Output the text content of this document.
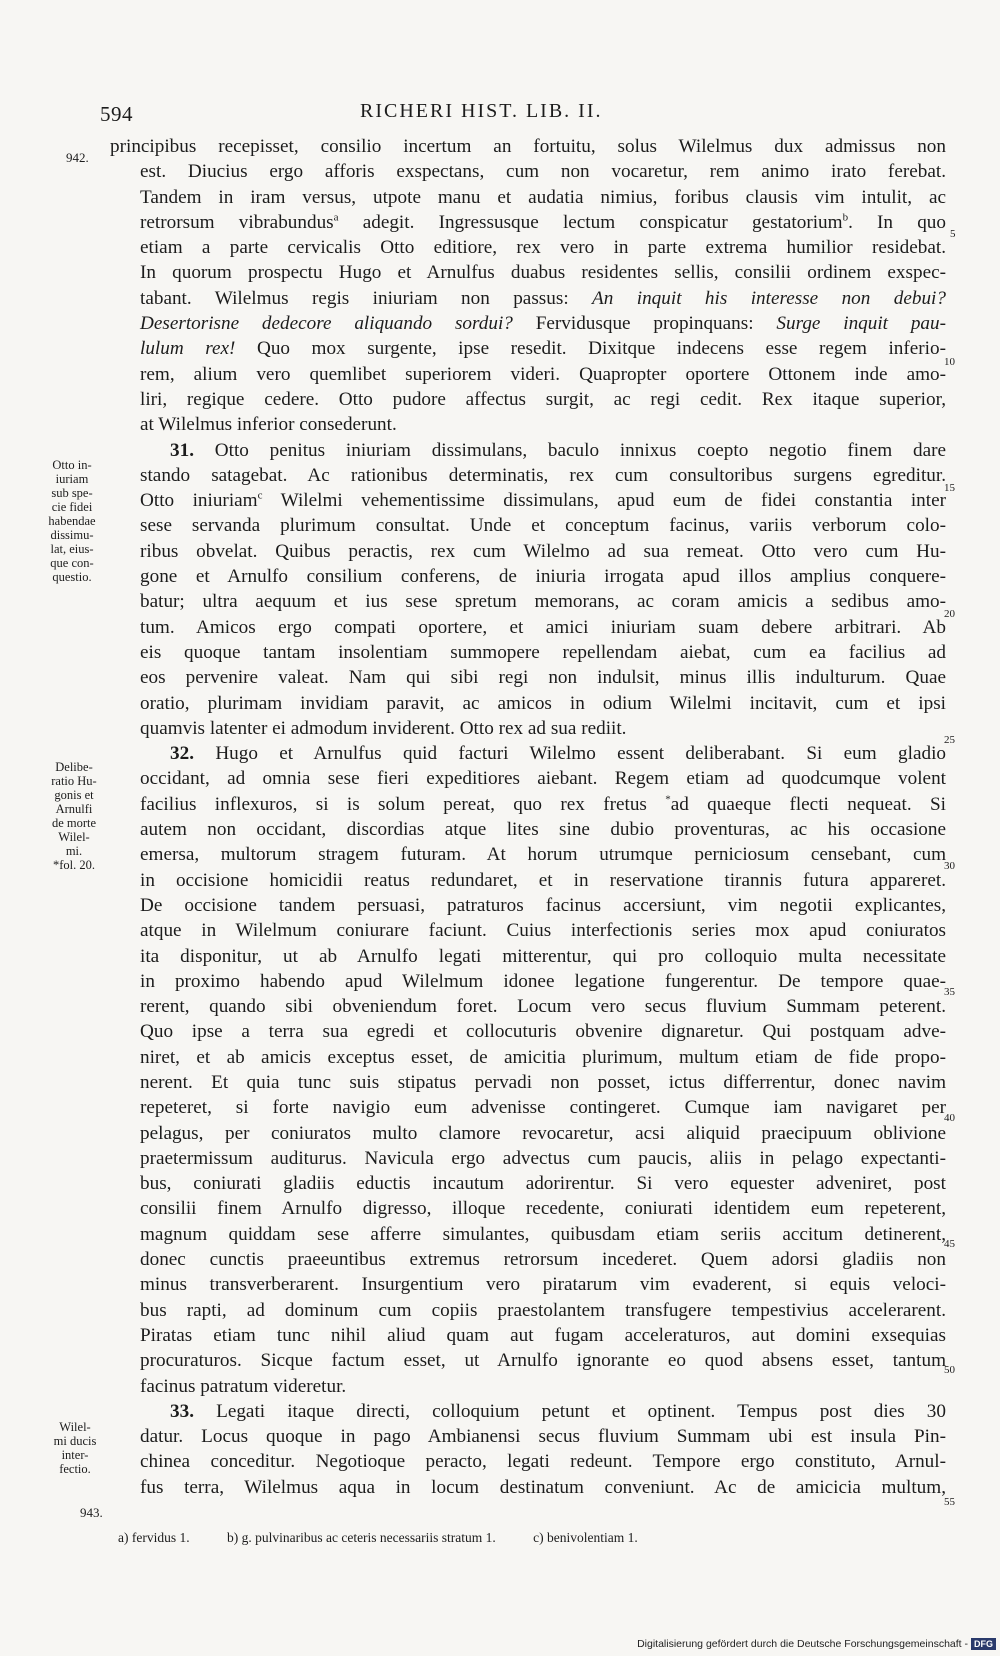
594	RICHERI HIST. LIB. II.
942.
943.
Otto in-
iuriam
sub spe-
cie fidei
habendae
dissimu-
lat, eius-
que con-
questio.
Delibe-
ratio Hu-
gonis et
Arnulfi
de morte
Wilel-
mi.
*fol. 20.
Wilel-
mi ducis
inter-
fectio.
5
10
15
20
25
30
35
40
45
50
55
principibus recepisset, consilio incertum an fortuitu, solus Wilelmus dux admissus non
est. Diucius ergo afforis exspectans, cum non vocaretur, rem animo irato ferebat.
Tandem in iram versus, utpote manu et audatia nimius, foribus clausis vim intulit, ac
retrorsum vibrabundus$^a$ adegit. Ingressusque lectum conspicatur gestatorium$^b$. In quo
etiam a parte cervicalis Otto editiore, rex vero in parte extrema humilior residebat.
In quorum prospectu Hugo et Arnulfus duabus residentes sellis, consilii ordinem exspec-
tabant. Wilelmus regis iniuriam non passus: An inquit his interesse non debui?
Desertorisne dedecore aliquando sordui? Fervidusque propinquans: Surge inquit pau-
lulum rex! Quo mox surgente, ipse resedit. Dixitque indecens esse regem inferio-
rem, alium vero quemlibet superiorem videri. Quapropter oportere Ottonem inde amo-
liri, regique cedere. Otto pudore affectus surgit, ac regi cedit. Rex itaque superior,
at Wilelmus inferior consederunt.
31. Otto penitus iniuriam dissimulans, baculo innixus coepto negotio finem dare
stando satagebat. Ac rationibus determinatis, rex cum consultoribus surgens egreditur.
Otto iniuriam$^c$ Wilelmi vehementissime dissimulans, apud eum de fidei constantia inter
sese servanda plurimum consultat. Unde et conceptum facinus, variis verborum colo-
ribus obvelat. Quibus peractis, rex cum Wilelmo ad sua remeat. Otto vero cum Hu-
gone et Arnulfo consilium conferens, de iniuria irrogata apud illos amplius conquere-
batur; ultra aequum et ius sese spretum memorans, ac coram amicis a sedibus amo-
tum. Amicos ergo compati oportere, et amici iniuriam suam debere arbitrari. Ab
eis quoque tantam insolentiam summopere repellendam aiebat, cum ea facilius ad
eos pervenire valeat. Nam qui sibi regi non indulsit, minus illis indulturum. Quae
oratio, plurimam invidiam paravit, ac amicos in odium Wilelmi incitavit, cum et ipsi
quamvis latenter ei admodum inviderent. Otto rex ad sua rediit.
32. Hugo et Arnulfus quid facturi Wilelmo essent deliberabant. Si eum gladio
occidant, ad omnia sese fieri expeditiores aiebant. Regem etiam ad quodcumque volent
facilius inflexuros, si is solum pereat, quo rex fretus *ad quaeque flecti nequeat. Si
autem non occidant, discordias atque lites sine dubio proventuras, ac his occasione
emersa, multorum stragem futuram. At horum utrumque perniciosum censebant, cum
in occisione homicidii reatus redundaret, et in reservatione tirannis futura appareret.
De occisione tandem persuasi, patraturos facinus accersiunt, vim negotii explicantes,
atque in Wilelmum coniurare faciunt. Cuius interfectionis series mox apud coniuratos
ita disponitur, ut ab Arnulfo legati mitterentur, qui pro colloquio multa necessitate
in proximo habendo apud Wilelmum idonee legatione fungerentur. De tempore quae-
rerent, quando sibi obveniendum foret. Locum vero secus fluvium Summam peterent.
Quo ipse a terra sua egredi et collocuturis obvenire dignaretur. Qui postquam adve-
niret, et ab amicis exceptus esset, de amicitia plurimum, multum etiam de fide propo-
nerent. Et quia tunc suis stipatus pervadi non posset, ictus differrentur, donec navim
repeteret, si forte navigio eum advenisse contingeret. Cumque iam navigaret per
pelagus, per coniuratos multo clamore revocaretur, acsi aliquid praecipuum oblivione
praetermissum auditurus. Navicula ergo advectus cum paucis, aliis in pelago expectanti-
bus, coniurati gladiis eductis incautum adorirentur. Si vero equester adveniret, post
consilii finem Arnulfo digresso, illoque recedente, coniurati identidem eum repeterent,
magnum quiddam sese afferre simulantes, quibusdam etiam seriis accitum detinerent,
donec cunctis praeeuntibus extremus retrorsum incederet. Quem adorsi gladiis non
minus transverberarent. Insurgentium vero piratarum vim evaderent, si equis veloci-
bus rapti, ad dominum cum copiis praestolantem transfugere tempestivius accelerarent.
Piratas etiam tunc nihil aliud quam aut fugam acceleraturos, aut domini exsequias
procuraturos. Sicque factum esset, ut Arnulfo ignorante eo quod absens esset, tantum
facinus patratum videretur.
33. Legati itaque directi, colloquium petunt et optinent. Tempus post dies 30
datur. Locus quoque in pago Ambianensi secus fluvium Summam ubi est insula Pin-
chinea conceditur. Negotioque peracto, legati redeunt. Tempore ergo constituto, Arnul-
fus terra, Wilelmus aqua in locum destinatum conveniunt. Ac de amicicia multum,
a) fervidus 1.	b) g. pulvinaribus ac ceteris necessariis stratum 1.	c) benivolentiam 1.
Digitalisierung gefördert durch die Deutsche Forschungsgemeinschaft - DFG
